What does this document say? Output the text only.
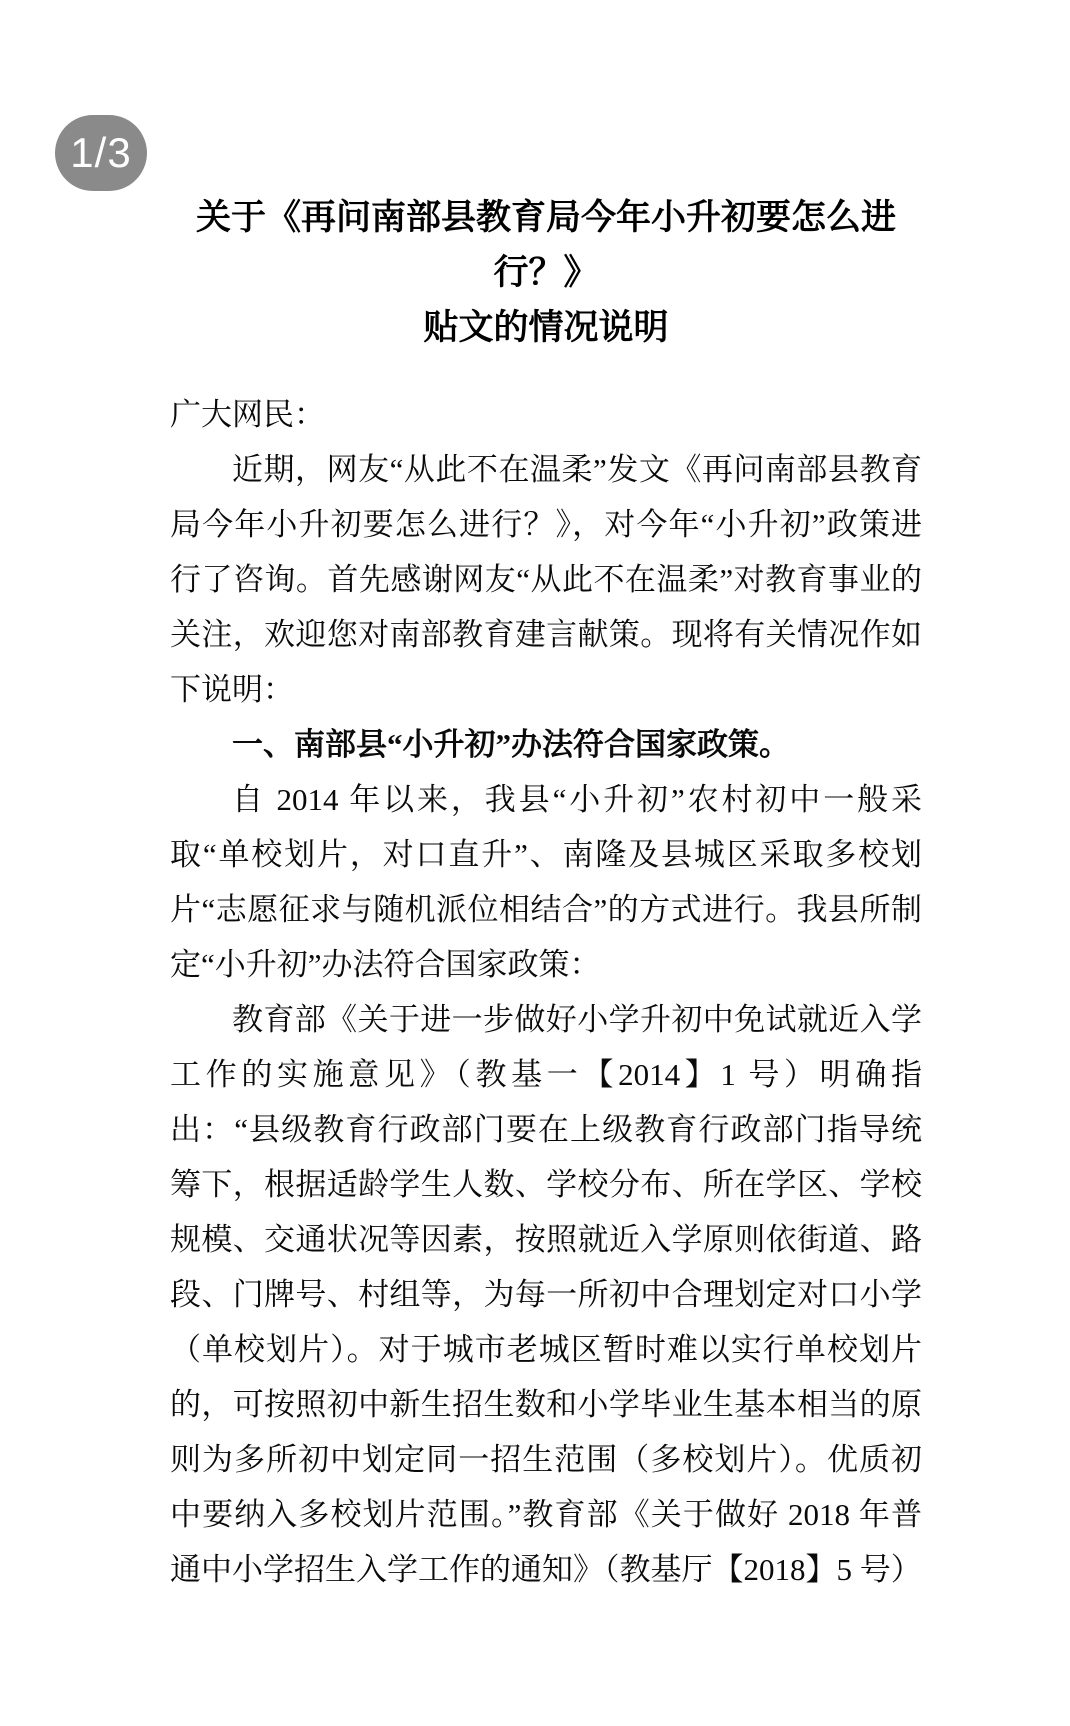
1/3
关于《再问南部县教育局今年小升初要怎么进行？》
贴文的情况说明

广大网民：

近期，网友“从此不在温柔”发文《再问南部县教育局今年小升初要怎么进行？》，对今年“小升初”政策进行了咨询。首先感谢网友“从此不在温柔”对教育事业的关注，欢迎您对南部教育建言献策。现将有关情况作如下说明：

一、南部县“小升初”办法符合国家政策。

自 2014 年以来，我县“小升初”农村初中一般采取“单校划片，对口直升”、南隆及县城区采取多校划片“志愿征求与随机派位相结合”的方式进行。我县所制定“小升初”办法符合国家政策：

教育部《关于进一步做好小学升初中免试就近入学工作的实施意见》（教基一【2014】1 号）明确指出：“县级教育行政部门要在上级教育行政部门指导统筹下，根据适龄学生人数、学校分布、所在学区、学校规模、交通状况等因素，按照就近入学原则依街道、路段、门牌号、村组等，为每一所初中合理划定对口小学（单校划片）。对于城市老城区暂时难以实行单校划片的，可按照初中新生招生数和小学毕业生基本相当的原则为多所初中划定同一招生范围（多校划片）。优质初中要纳入多校划片范围。”教育部《关于做好 2018 年普通中小学招生入学工作的通知》（教基厅【2018】5 号）
